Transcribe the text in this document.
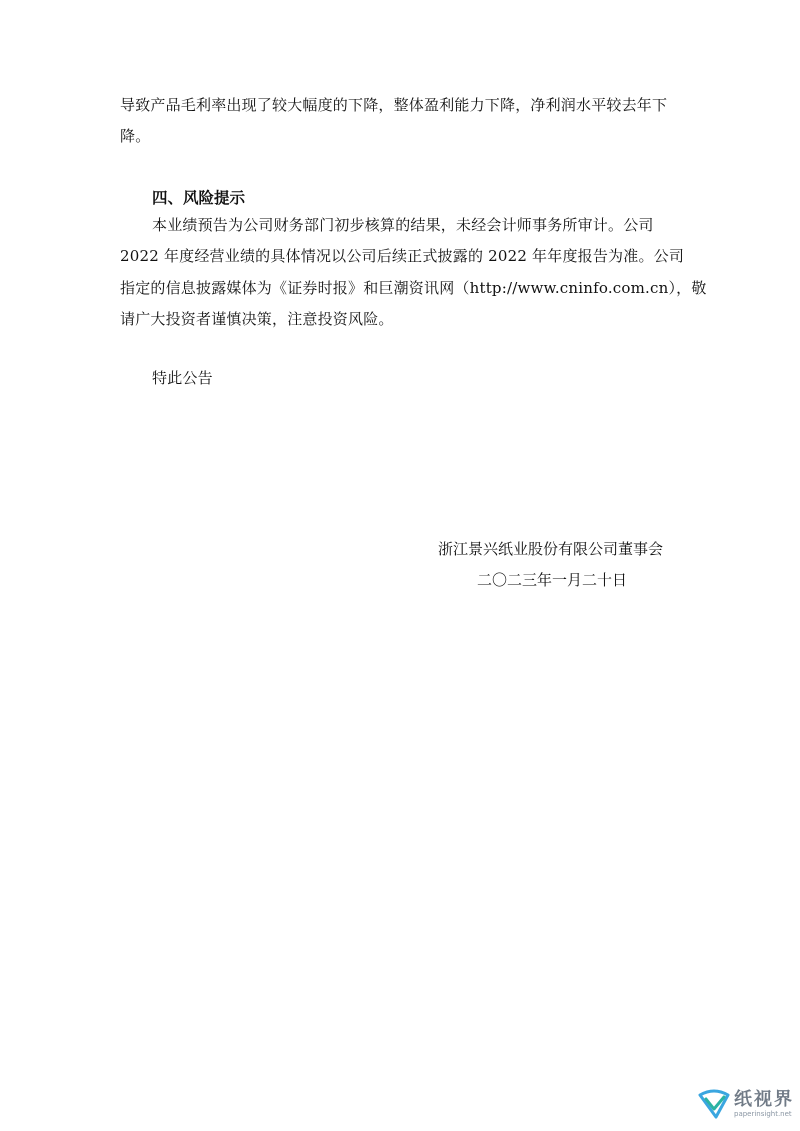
导致产品毛利率出现了较大幅度的下降，整体盈利能力下降，净利润水平较去年下
降。
四、风险提示
本业绩预告为公司财务部门初步核算的结果，未经会计师事务所审计。公司
2022 年度经营业绩的具体情况以公司后续正式披露的 2022 年年度报告为准。公司
指定的信息披露媒体为《证券时报》和巨潮资讯网（http://www.cninfo.com.cn），敬
请广大投资者谨慎决策，注意投资风险。
特此公告
浙江景兴纸业股份有限公司董事会
二〇二三年一月二十日
纸视界
paperinsight.net
